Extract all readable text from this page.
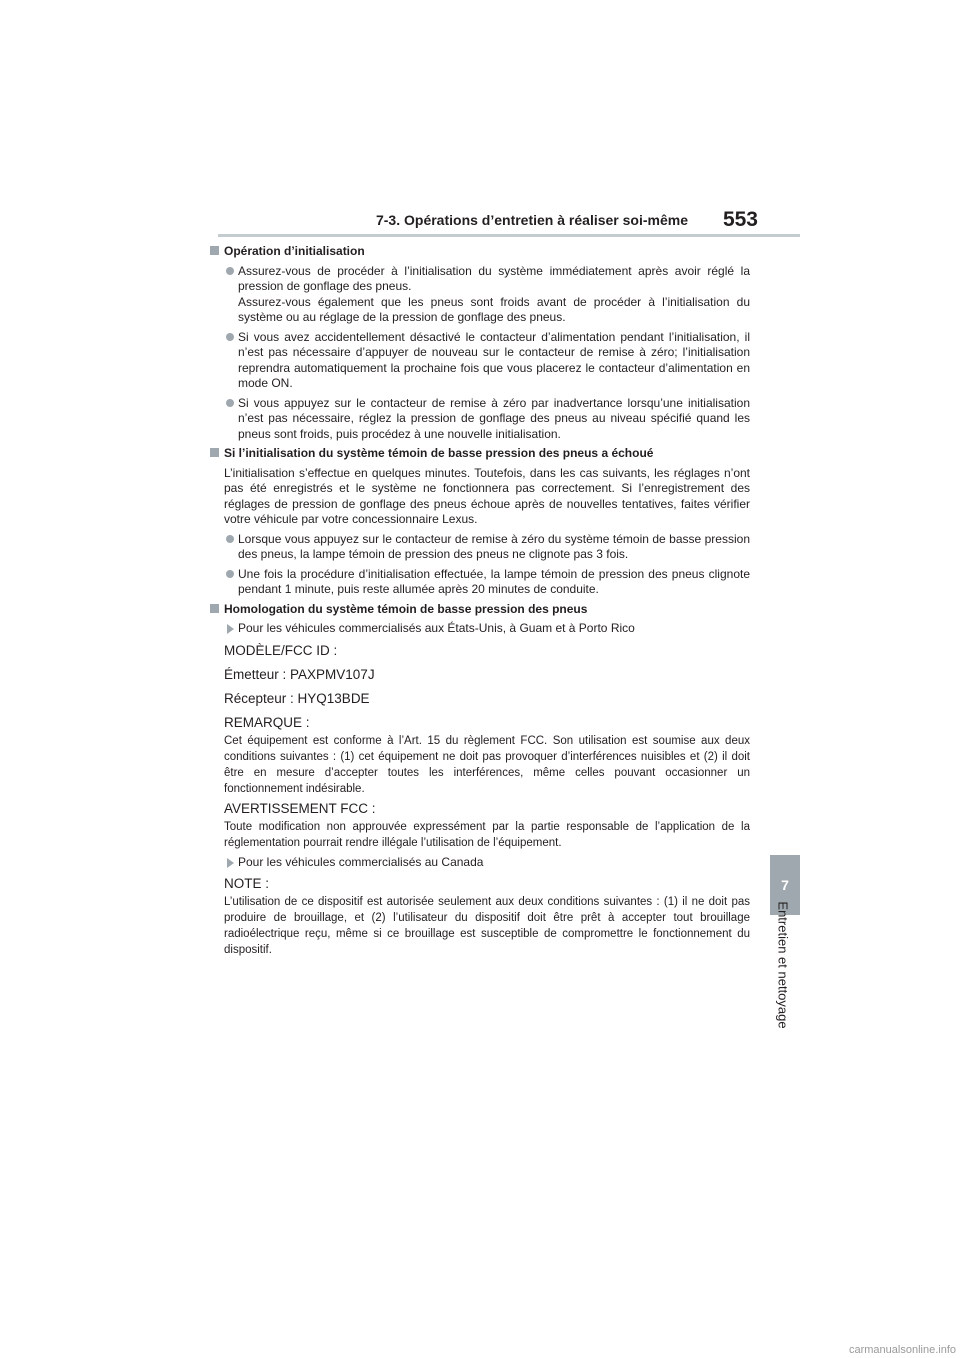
7-3. Opérations d’entretien à réaliser soi-même 553
7
Entretien et nettoyage
Opération d’initialisation
Assurez-vous de procéder à l’initialisation du système immédiatement après avoir réglé la pression de gonflage des pneus.
Assurez-vous également que les pneus sont froids avant de procéder à l’initialisation du système ou au réglage de la pression de gonflage des pneus.
Si vous avez accidentellement désactivé le contacteur d’alimentation pendant l’initialisation, il n’est pas nécessaire d’appuyer de nouveau sur le contacteur de remise à zéro; l’initialisation reprendra automatiquement la prochaine fois que vous placerez le contacteur d’alimentation en mode ON.
Si vous appuyez sur le contacteur de remise à zéro par inadvertance lorsqu’une initialisation n’est pas nécessaire, réglez la pression de gonflage des pneus au niveau spécifié quand les pneus sont froids, puis procédez à une nouvelle initialisation.
Si l’initialisation du système témoin de basse pression des pneus a échoué

L’initialisation s’effectue en quelques minutes. Toutefois, dans les cas suivants, les réglages n’ont pas été enregistrés et le système ne fonctionnera pas correctement. Si l’enregistrement des réglages de pression de gonflage des pneus échoue après de nouvelles tentatives, faites vérifier votre véhicule par votre concessionnaire Lexus.

Lorsque vous appuyez sur le contacteur de remise à zéro du système témoin de basse pression des pneus, la lampe témoin de pression des pneus ne clignote pas 3 fois.
Une fois la procédure d’initialisation effectuée, la lampe témoin de pression des pneus clignote pendant 1 minute, puis reste allumée après 20 minutes de conduite.
Homologation du système témoin de basse pression des pneus
Pour les véhicules commercialisés aux États-Unis, à Guam et à Porto Rico
MODÈLE/FCC ID :
Émetteur : PAXPMV107J
Récepteur : HYQ13BDE
REMARQUE :
Cet équipement est conforme à l’Art. 15 du règlement FCC. Son utilisation est soumise aux deux conditions suivantes : (1) cet équipement ne doit pas provoquer d’interférences nuisibles et (2) il doit être en mesure d’accepter toutes les interférences, même celles pouvant occasionner un fonctionnement indésirable.
AVERTISSEMENT FCC :
Toute modification non approuvée expressément par la partie responsable de l’application de la réglementation pourrait rendre illégale l’utilisation de l’équipement.
Pour les véhicules commercialisés au Canada
NOTE :
L’utilisation de ce dispositif est autorisée seulement aux deux conditions suivantes : (1) il ne doit pas produire de brouillage, et (2) l’utilisateur du dispositif doit être prêt à accepter tout brouillage radioélectrique reçu, même si ce brouillage est susceptible de compromettre le fonctionnement du dispositif.
carmanualsonline.info
